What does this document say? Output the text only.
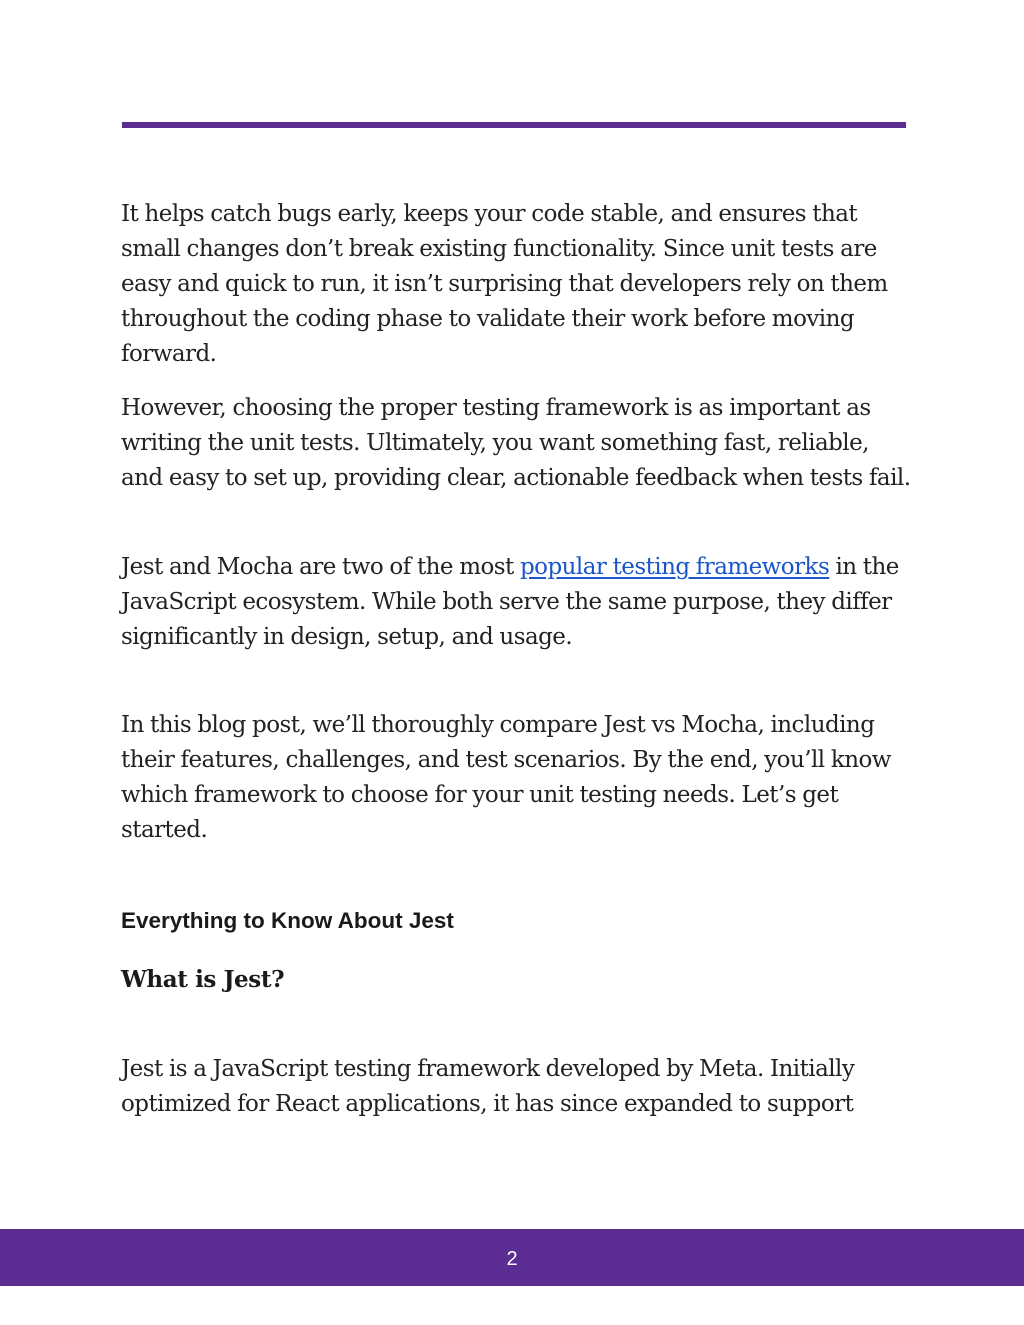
It helps catch bugs early, keeps your code stable, and ensures that small changes don’t break existing functionality. Since unit tests are easy and quick to run, it isn’t surprising that developers rely on them throughout the coding phase to validate their work before moving forward.

However, choosing the proper testing framework is as important as writing the unit tests. Ultimately, you want something fast, reliable, and easy to set up, providing clear, actionable feedback when tests fail.

Jest and Mocha are two of the most popular testing frameworks in the JavaScript ecosystem. While both serve the same purpose, they differ significantly in design, setup, and usage.

In this blog post, we’ll thoroughly compare Jest vs Mocha, including their features, challenges, and test scenarios. By the end, you’ll know which framework to choose for your unit testing needs. Let’s get started.

Everything to Know About Jest
What is Jest?

Jest is a JavaScript testing framework developed by Meta. Initially optimized for React applications, it has since expanded to support

2
